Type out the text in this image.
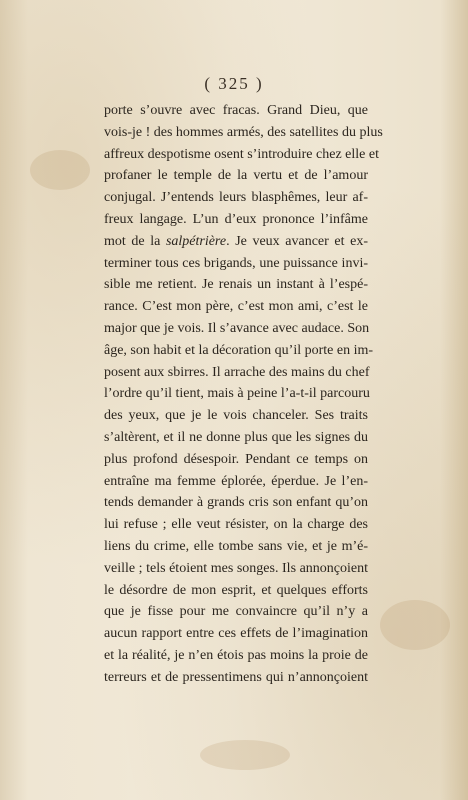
( 325 )
porte s’ouvre avec fracas. Grand Dieu, que
vois-je ! des hommes armés, des satellites du plus
affreux despotisme osent s’introduire chez elle et
profaner le temple de la vertu et de l’amour
conjugal. J’entends leurs blasphêmes, leur af-
freux langage. L’un d’eux prononce l’infâme
mot de la salpétrière. Je veux avancer et ex-
terminer tous ces brigands, une puissance invi-
sible me retient. Je renais un instant à l’espé-
rance. C’est mon père, c’est mon ami, c’est le
major que je vois. Il s’avance avec audace. Son
âge, son habit et la décoration qu’il porte en im-
posent aux sbirres. Il arrache des mains du chef
l’ordre qu’il tient, mais à peine l’a-t-il parcouru
des yeux, que je le vois chanceler. Ses traits
s’altèrent, et il ne donne plus que les signes du
plus profond désespoir. Pendant ce temps on
entraîne ma femme éplorée, éperdue. Je l’en-
tends demander à grands cris son enfant qu’on
lui refuse ; elle veut résister, on la charge des
liens du crime, elle tombe sans vie, et je m’é-
veille ; tels étoient mes songes. Ils annonçoient
le désordre de mon esprit, et quelques efforts
que je fisse pour me convaincre qu’il n’y a
aucun rapport entre ces effets de l’imagination
et la réalité, je n’en étois pas moins la proie de
terreurs et de pressentimens qui n’annonçoient
